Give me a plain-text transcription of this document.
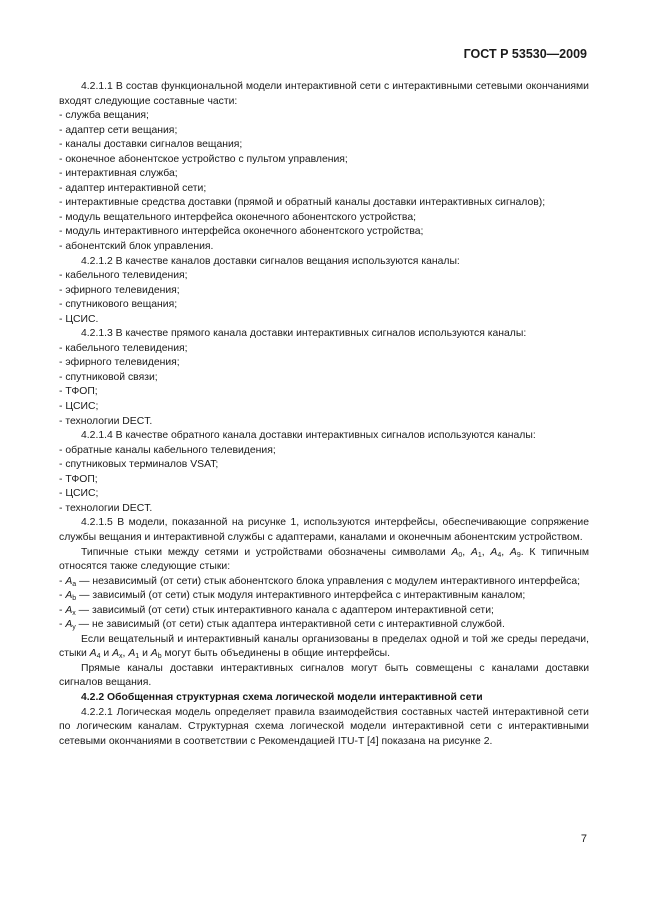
ГОСТ Р 53530—2009

4.2.1.1 В состав функциональной модели интерактивной сети с интерактивными сетевыми окончаниями входят следующие составные части:

- служба вещания;

- адаптер сети вещания;

- каналы доставки сигналов вещания;

- оконечное абонентское устройство с пультом управления;

- интерактивная служба;

- адаптер интерактивной сети;

- интерактивные средства доставки (прямой и обратный каналы доставки интерактивных сигналов);

- модуль вещательного интерфейса оконечного абонентского устройства;

- модуль интерактивного интерфейса оконечного абонентского устройства;

- абонентский блок управления.

4.2.1.2 В качестве каналов доставки сигналов вещания используются каналы:

- кабельного телевидения;

- эфирного телевидения;

- спутникового вещания;

- ЦСИС.

4.2.1.3 В качестве прямого канала доставки интерактивных сигналов используются каналы:

- кабельного телевидения;

- эфирного телевидения;

- спутниковой связи;

- ТФОП;

- ЦСИС;

- технологии DECT.

4.2.1.4 В качестве обратного канала доставки интерактивных сигналов используются каналы:

- обратные каналы кабельного телевидения;

- спутниковых терминалов VSAT;

- ТФОП;

- ЦСИС;

- технологии DECT.

4.2.1.5 В модели, показанной на рисунке 1, используются интерфейсы, обеспечивающие сопряжение службы вещания и интерактивной службы с адаптерами, каналами и оконечным абонентским устройством.

Типичные стыки между сетями и устройствами обозначены символами $A_0$, $A_1$, $A_4$, $A_9$. К типичным относятся также следующие стыки:

- $A_a$ — независимый (от сети) стык абонентского блока управления с модулем интерактивного интерфейса;

- $A_b$ — зависимый (от сети) стык модуля интерактивного интерфейса с интерактивным каналом;

- $A_x$ — зависимый (от сети) стык интерактивного канала с адаптером интерактивной сети;

- $A_y$ — не зависимый (от сети) стык адаптера интерактивной сети с интерактивной службой.

Если вещательный и интерактивный каналы организованы в пределах одной и той же среды передачи, стыки $A_4$ и $A_x$, $A_1$ и $A_b$ могут быть объединены в общие интерфейсы.

Прямые каналы доставки интерактивных сигналов могут быть совмещены с каналами доставки сигналов вещания.

4.2.2 Обобщенная структурная схема логической модели интерактивной сети

4.2.2.1 Логическая модель определяет правила взаимодействия составных частей интерактивной сети по логическим каналам. Структурная схема логической модели интерактивной сети с интерактивными сетевыми окончаниями в соответствии с Рекомендацией ITU-T [4] показана на рисунке 2.

7
